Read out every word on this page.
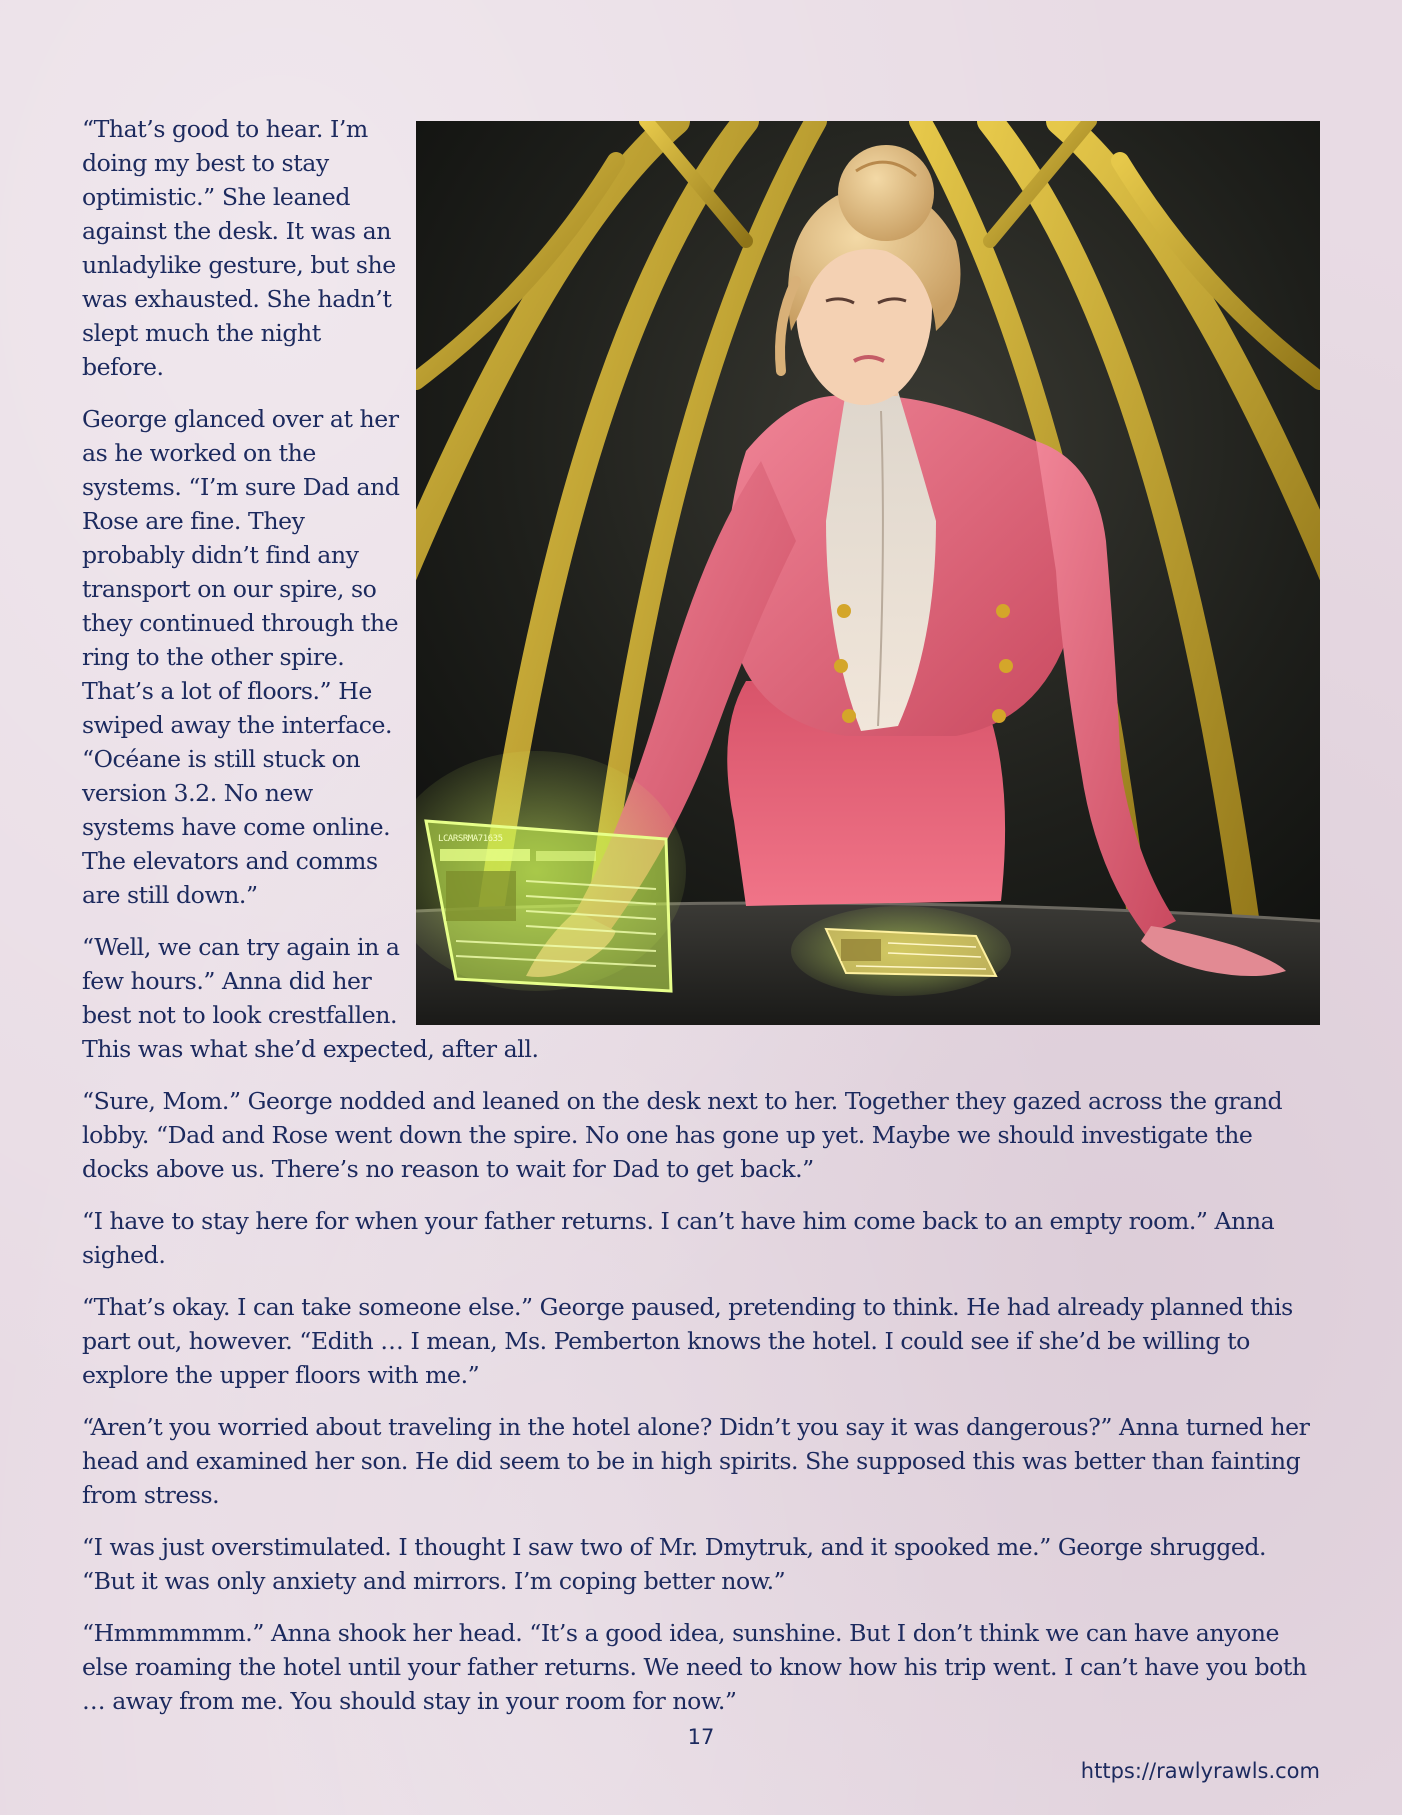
LCARSRMA71635

“That’s good to hear. I’m doing my best to stay optimistic.” She leaned against the desk. It was an unladylike gesture, but she was exhausted. She hadn’t slept much the night before.

George glanced over at her as he worked on the systems. “I’m sure Dad and Rose are fine. They probably didn’t find any transport on our spire, so they continued through the ring to the other spire. That’s a lot of floors.” He swiped away the interface. “Océane is still stuck on version 3.2. No new systems have come online. The elevators and comms are still down.”

“Well, we can try again in a few hours.” Anna did her best not to look crestfallen. This was what she’d expected, after all.

“Sure, Mom.” George nodded and leaned on the desk next to her. Together they gazed across the grand lobby. “Dad and Rose went down the spire. No one has gone up yet. Maybe we should investigate the docks above us. There’s no reason to wait for Dad to get back.”

“I have to stay here for when your father returns. I can’t have him come back to an empty room.” Anna sighed.

“That’s okay. I can take someone else.” George paused, pretending to think. He had already planned this part out, however. “Edith … I mean, Ms. Pemberton knows the hotel. I could see if she’d be willing to explore the upper floors with me.”

“Aren’t you worried about traveling in the hotel alone? Didn’t you say it was dangerous?” Anna turned her head and examined her son. He did seem to be in high spirits. She supposed this was better than fainting from stress.

“I was just overstimulated. I thought I saw two of Mr. Dmytruk, and it spooked me.” George shrugged. “But it was only anxiety and mirrors. I’m coping better now.”

“Hmmmmmm.” Anna shook her head. “It’s a good idea, sunshine. But I don’t think we can have anyone else roaming the hotel until your father returns. We need to know how his trip went. I can’t have you both … away from me. You should stay in your room for now.”

17
https://rawlyrawls.com
